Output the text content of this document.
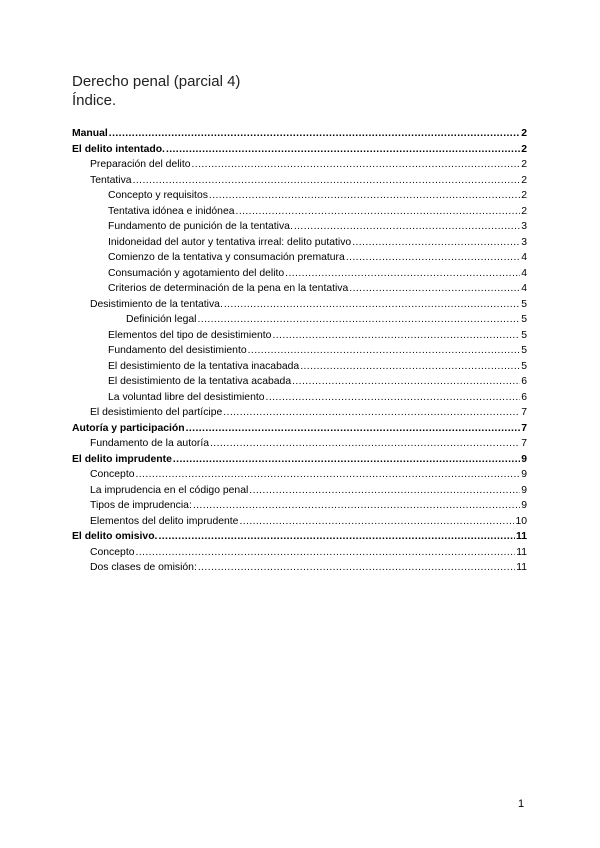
Derecho penal (parcial 4)
Índice.
Manual .....	2
El delito intentado. .....	2
Preparación del delito .....	2
Tentativa .....	2
Concepto y requisitos .....	2
Tentativa idónea e inidónea .....	2
Fundamento de punición de la tentativa. .....	3
Inidoneidad del autor y tentativa irreal: delito putativo .....	3
Comienzo de la tentativa y consumación prematura .....	4
Consumación y agotamiento del delito .....	4
Criterios de determinación de la pena en la tentativa .....	4
Desistimiento de la tentativa. .....	5
Definición legal .....	5
Elementos del tipo de desistimiento .....	5
Fundamento del desistimiento .....	5
El desistimiento de la tentativa inacabada .....	5
El desistimiento de la tentativa acabada .....	6
La voluntad libre del desistimiento .....	6
El desistimiento del partícipe .....	7
Autoría y participación .....	7
Fundamento de la autoría .....	7
El delito imprudente .....	9
Concepto .....	9
La imprudencia en el código penal .....	9
Tipos de imprudencia: .....	9
Elementos del delito imprudente .....	10
El delito omisivo. .....	11
Concepto .....	11
Dos clases de omisión: .....	11
1
